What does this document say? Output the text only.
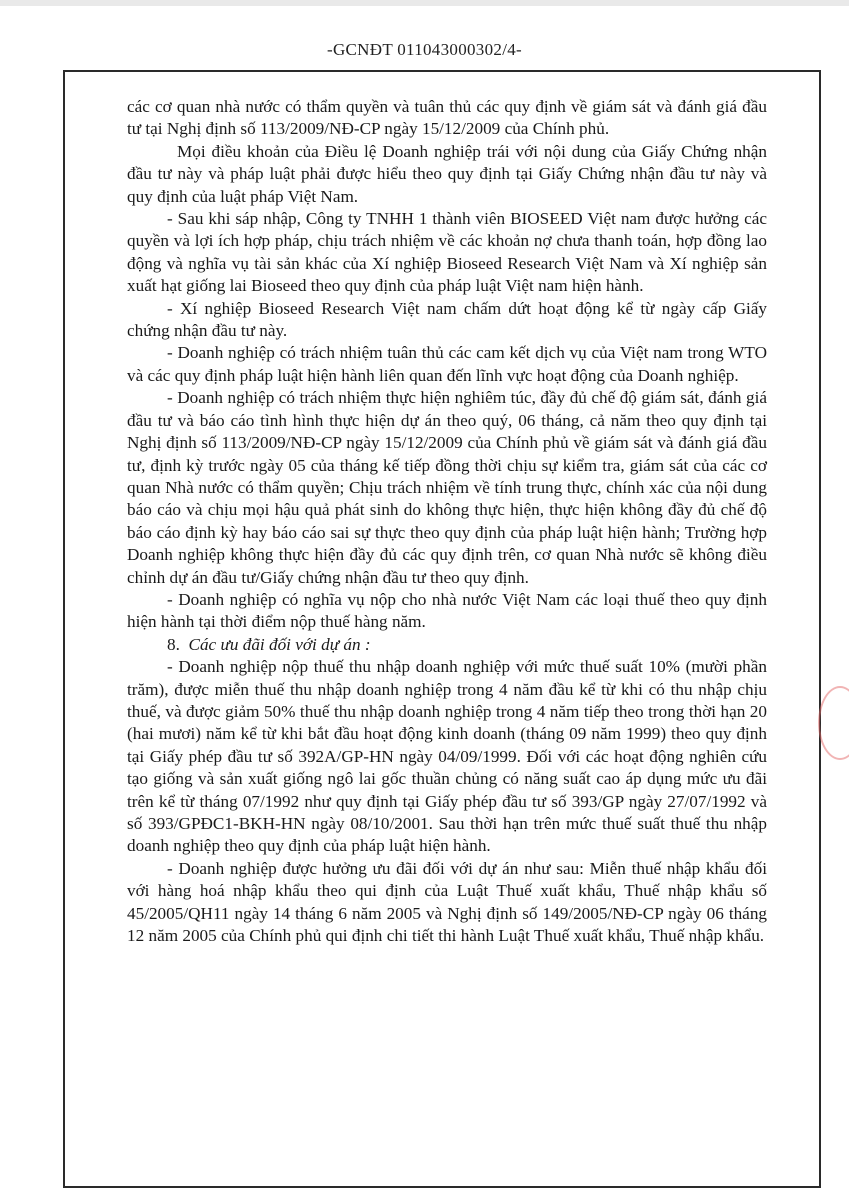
-GCNĐT 011043000302/4-

các cơ quan nhà nước có thẩm quyền và tuân thủ các quy định về giám sát và đánh giá đầu tư tại Nghị định số 113/2009/NĐ-CP ngày 15/12/2009 của Chính phủ.

Mọi điều khoản của Điều lệ Doanh nghiệp trái với nội dung của Giấy Chứng nhận đầu tư này và pháp luật phải được hiểu theo quy định tại Giấy Chứng nhận đầu tư này và quy định của luật pháp Việt Nam.

- Sau khi sáp nhập, Công ty TNHH 1 thành viên BIOSEED Việt nam được hưởng các quyền và lợi ích hợp pháp, chịu trách nhiệm về các khoản nợ chưa thanh toán, hợp đồng lao động và nghĩa vụ tài sản khác của Xí nghiệp Bioseed Research Việt Nam và Xí nghiệp sản xuất hạt giống lai Bioseed theo quy định của pháp luật Việt nam hiện hành.

- Xí nghiệp Bioseed Research Việt nam chấm dứt hoạt động kể từ ngày cấp Giấy chứng nhận đầu tư này.

- Doanh nghiệp có trách nhiệm tuân thủ các cam kết dịch vụ của Việt nam trong WTO và các quy định pháp luật hiện hành liên quan đến lĩnh vực hoạt động của Doanh nghiệp.

- Doanh nghiệp có trách nhiệm thực hiện nghiêm túc, đầy đủ chế độ giám sát, đánh giá đầu tư và báo cáo tình hình thực hiện dự án theo quý, 06 tháng, cả năm theo quy định tại Nghị định số 113/2009/NĐ-CP ngày 15/12/2009 của Chính phủ về giám sát và đánh giá đầu tư, định kỳ trước ngày 05 của tháng kế tiếp đồng thời chịu sự kiểm tra, giám sát của các cơ quan Nhà nước có thẩm quyền; Chịu trách nhiệm về tính trung thực, chính xác của nội dung báo cáo và chịu mọi hậu quả phát sinh do không thực hiện, thực hiện không đầy đủ chế độ báo cáo định kỳ hay báo cáo sai sự thực theo quy định của pháp luật hiện hành; Trường hợp Doanh nghiệp không thực hiện đầy đủ các quy định trên, cơ quan Nhà nước sẽ không điều chỉnh dự án đầu tư/Giấy chứng nhận đầu tư theo quy định.

- Doanh nghiệp có nghĩa vụ nộp cho nhà nước Việt Nam các loại thuế theo quy định hiện hành tại thời điểm nộp thuế hàng năm.

8. Các ưu đãi đối với dự án :

- Doanh nghiệp nộp thuế thu nhập doanh nghiệp với mức thuế suất 10% (mười phần trăm), được miễn thuế thu nhập doanh nghiệp trong 4 năm đầu kể từ khi có thu nhập chịu thuế, và được giảm 50% thuế thu nhập doanh nghiệp trong 4 năm tiếp theo trong thời hạn 20 (hai mươi) năm kể từ khi bắt đầu hoạt động kinh doanh (tháng 09 năm 1999) theo quy định tại Giấy phép đầu tư số 392A/GP-HN ngày 04/09/1999. Đối với các hoạt động nghiên cứu tạo giống và sản xuất giống ngô lai gốc thuần chủng có năng suất cao áp dụng mức ưu đãi trên kể từ tháng 07/1992 như quy định tại Giấy phép đầu tư số 393/GP ngày 27/07/1992 và số 393/GPĐC1-BKH-HN ngày 08/10/2001. Sau thời hạn trên mức thuế suất thuế thu nhập doanh nghiệp theo quy định của pháp luật hiện hành.

- Doanh nghiệp được hưởng ưu đãi đối với dự án như sau: Miễn thuế nhập khẩu đối với hàng hoá nhập khẩu theo qui định của Luật Thuế xuất khẩu, Thuế nhập khẩu số 45/2005/QH11 ngày 14 tháng 6 năm 2005 và Nghị định số 149/2005/NĐ-CP ngày 06 tháng 12 năm 2005 của Chính phủ qui định chi tiết thi hành Luật Thuế xuất khẩu, Thuế nhập khẩu.
